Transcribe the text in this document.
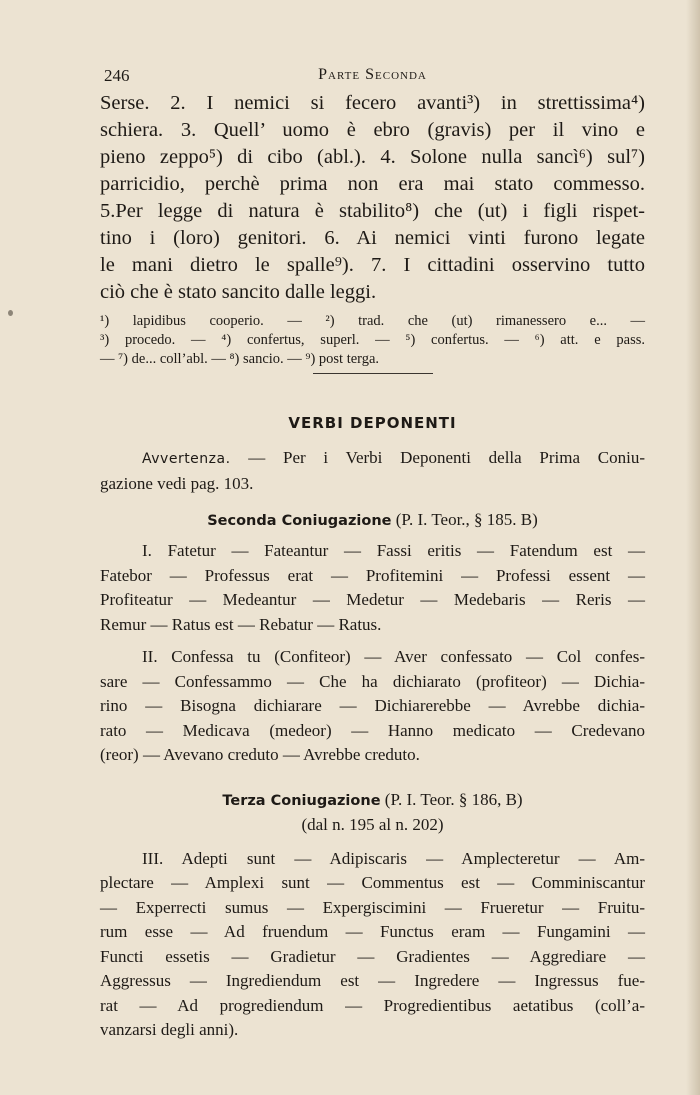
246	Parte Seconda
Serse. 2. I nemici si fecero avanti³) in strettissima⁴)
schiera. 3. Quell’ uomo è ebro (gravis) per il vino e
pieno zeppo⁵) di cibo (abl.). 4. Solone nulla sancì⁶) sul⁷)
parricidio, perchè prima non era mai stato commesso.
5.Per legge di natura è stabilito⁸) che (ut) i figli rispet-
tino i (loro) genitori. 6. Ai nemici vinti furono legate
le mani dietro le spalle⁹). 7. I cittadini osservino tutto
ciò che è stato sancito dalle leggi.
¹) lapidibus cooperio. — ²) trad. che (ut) rimanessero e... —
³) procedo. — ⁴) confertus, superl. — ⁵) confertus. — ⁶) att. e pass.
— ⁷) de... coll’abl. — ⁸) sancio. — ⁹) post terga.
VERBI DEPONENTI
Avvertenza. — Per i Verbi Deponenti della Prima Coniu-
gazione vedi pag. 103.
Seconda Coniugazione (P. I. Teor., § 185. B)
I. Fatetur — Fateantur — Fassi eritis — Fatendum est —
Fatebor — Professus erat — Profitemini — Professi essent —
Profiteatur — Medeantur — Medetur — Medebaris — Reris —
Remur — Ratus est — Rebatur — Ratus.
II. Confessa tu (Confiteor) — Aver confessato — Col confes-
sare — Confessammo — Che ha dichiarato (profiteor) — Dichia-
rino — Bisogna dichiarare — Dichiarerebbe — Avrebbe dichia-
rato — Medicava (medeor) — Hanno medicato — Credevano
(reor) — Avevano creduto — Avrebbe creduto.
Terza Coniugazione (P. I. Teor. § 186, B)
(dal n. 195 al n. 202)
III. Adepti sunt — Adipiscaris — Amplecteretur — Am-
plectare — Amplexi sunt — Commentus est — Comminiscantur
— Experrecti sumus — Expergiscimini — Frueretur — Fruitu-
rum esse — Ad fruendum — Functus eram — Fungamini —
Functi essetis — Gradietur — Gradientes — Aggrediare —
Aggressus — Ingrediendum est — Ingredere — Ingressus fue-
rat — Ad progrediendum — Progredientibus aetatibus (coll’a-
vanzarsi degli anni).
